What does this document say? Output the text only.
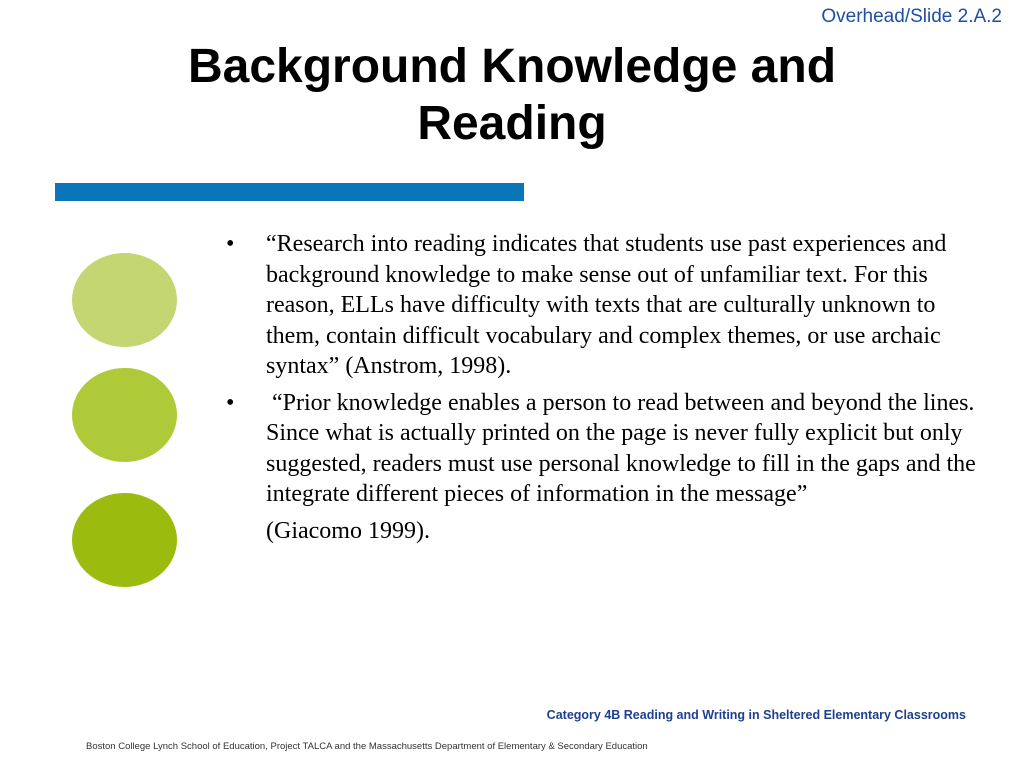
Overhead/Slide 2.A.2
Background Knowledge and
Reading
• “Research into reading indicates that students use past experiences and background knowledge to make sense out of unfamiliar text. For this reason, ELLs have difficulty with texts that are culturally unknown to them, contain difficult vocabulary and complex themes, or use archaic syntax” (Anstrom, 1998).
• “Prior knowledge enables a person to read between and beyond the lines.  Since what is actually printed on the page is never fully explicit but only suggested, readers must use personal knowledge to fill in the gaps and the integrate different pieces of information in the message”
(Giacomo 1999).
Category 4B Reading and Writing in Sheltered Elementary Classrooms
Boston College Lynch School of Education, Project TALCA and the Massachusetts Department of Elementary & Secondary Education
